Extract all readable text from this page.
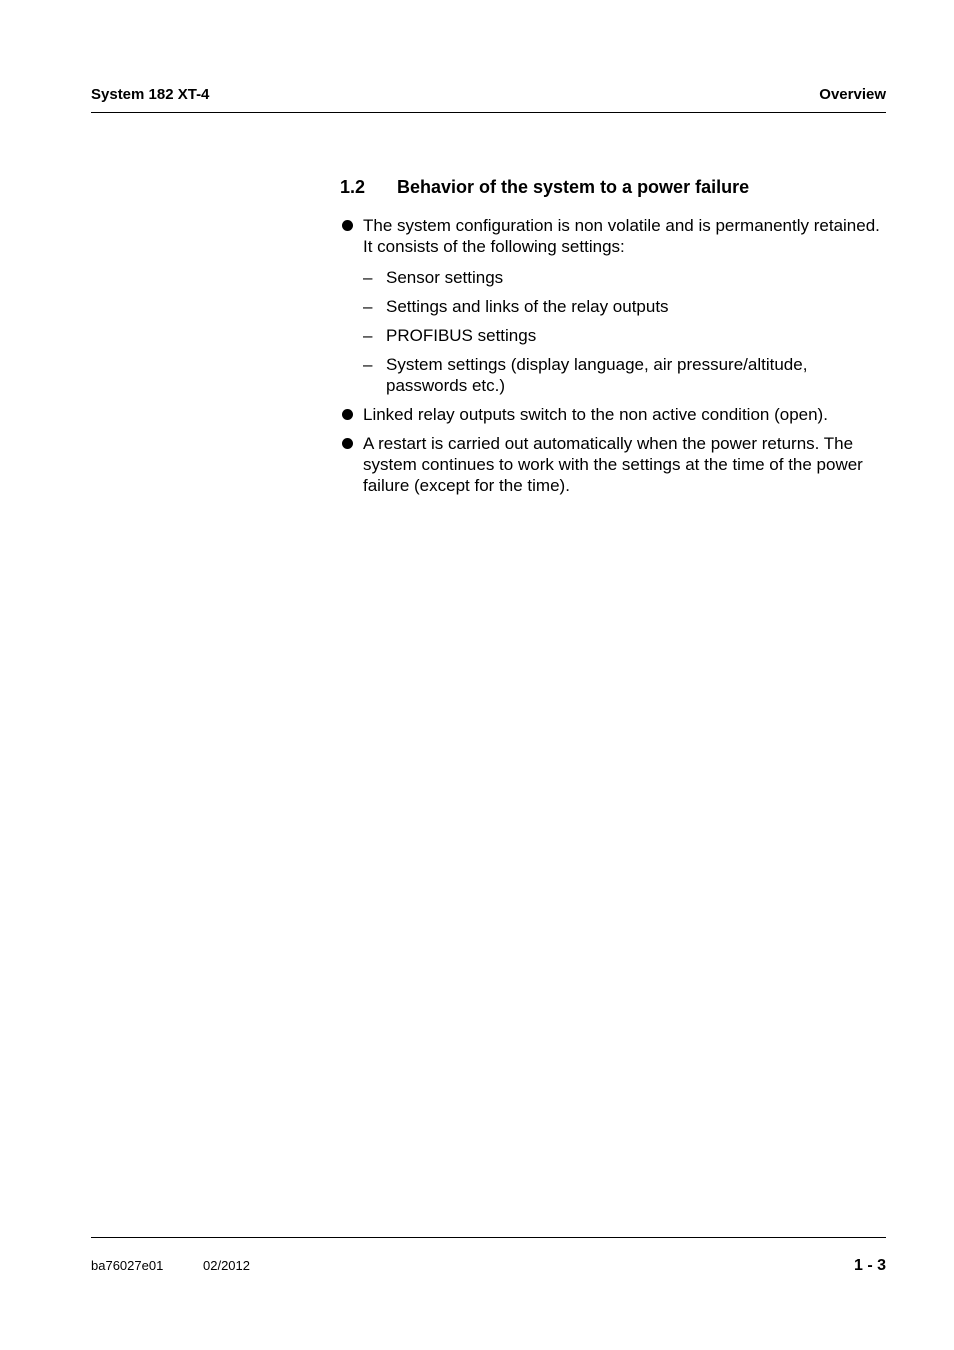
System 182 XT-4	Overview
1.2 Behavior of the system to a power failure
The system configuration is non volatile and is permanently retained. It consists of the following settings:
– Sensor settings
– Settings and links of the relay outputs
– PROFIBUS settings
– System settings (display language, air pressure/altitude, passwords etc.)
Linked relay outputs switch to the non active condition (open).
A restart is carried out automatically when the power returns. The system continues to work with the settings at the time of the power failure (except for the time).
ba76027e01	02/2012	1 - 3
